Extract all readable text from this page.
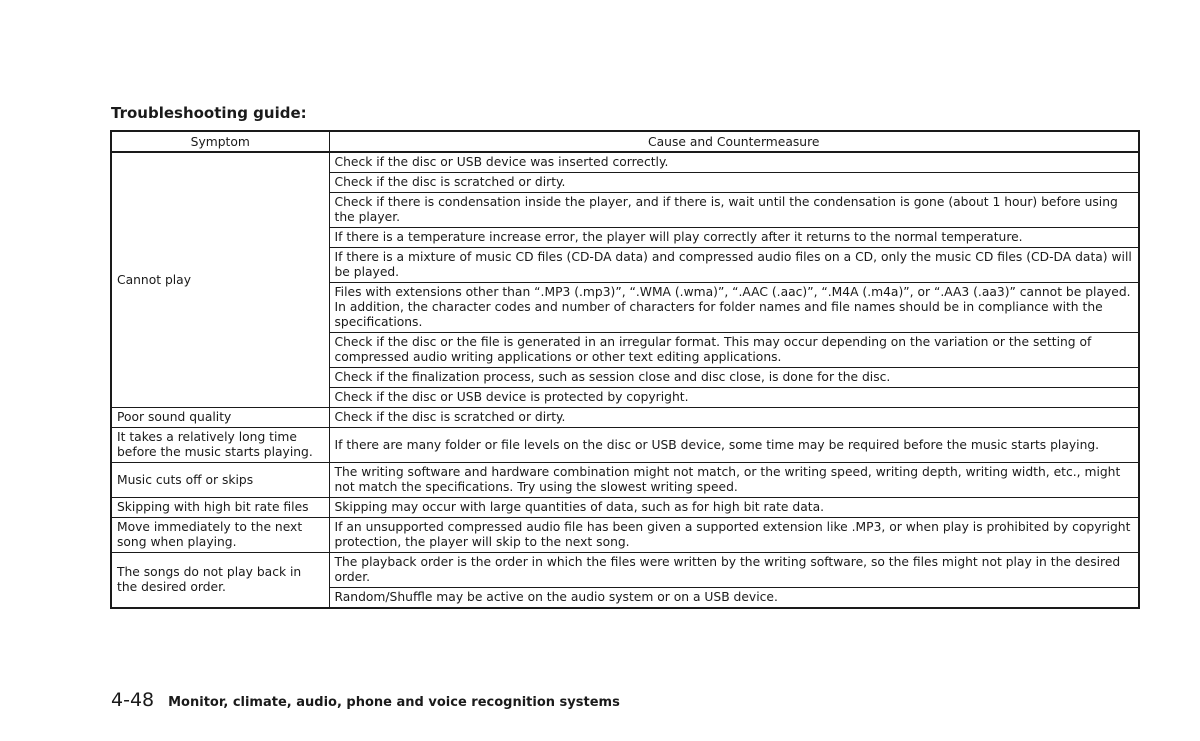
Troubleshooting guide:
Symptom	Cause and Countermeasure
Cannot play	Check if the disc or USB device was inserted correctly.
	Check if the disc is scratched or dirty.
	Check if there is condensation inside the player, and if there is, wait until the condensation is gone (about 1 hour) before using the player.
	If there is a temperature increase error, the player will play correctly after it returns to the normal temperature.
	If there is a mixture of music CD files (CD-DA data) and compressed audio files on a CD, only the music CD files (CD-DA data) will be played.
	Files with extensions other than “.MP3 (.mp3)”, “.WMA (.wma)”, “.AAC (.aac)”, “.M4A (.m4a)”, or “.AA3 (.aa3)” cannot be played. In addition, the character codes and number of characters for folder names and file names should be in compliance with the specifications.
	Check if the disc or the file is generated in an irregular format. This may occur depending on the variation or the setting of compressed audio writing applications or other text editing applications.
	Check if the finalization process, such as session close and disc close, is done for the disc.
	Check if the disc or USB device is protected by copyright.
Poor sound quality	Check if the disc is scratched or dirty.
It takes a relatively long time before the music starts playing.	If there are many folder or file levels on the disc or USB device, some time may be required before the music starts playing.
Music cuts off or skips	The writing software and hardware combination might not match, or the writing speed, writing depth, writing width, etc., might not match the specifications. Try using the slowest writing speed.
Skipping with high bit rate files	Skipping may occur with large quantities of data, such as for high bit rate data.
Move immediately to the next song when playing.	If an unsupported compressed audio file has been given a supported extension like .MP3, or when play is prohibited by copyright protection, the player will skip to the next song.
The songs do not play back in the desired order.	The playback order is the order in which the files were written by the writing software, so the files might not play in the desired order.
	Random/Shuffle may be active on the audio system or on a USB device.
4-48 Monitor, climate, audio, phone and voice recognition systems
